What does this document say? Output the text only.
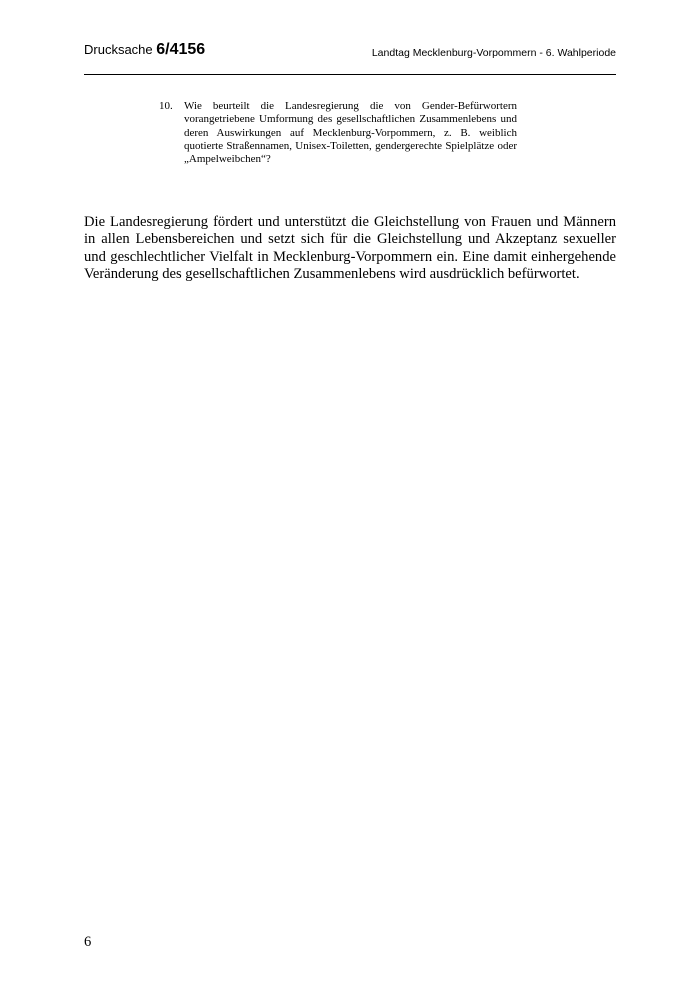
Drucksache 6/4156	Landtag Mecklenburg-Vorpommern - 6. Wahlperiode
10. Wie beurteilt die Landesregierung die von Gender-Befürwortern vorangetriebene Umformung des gesellschaftlichen Zusammenlebens und deren Auswirkungen auf Mecklenburg-Vorpommern, z. B. weiblich quotierte Straßennamen, Unisex-Toiletten, gendergerechte Spielplätze oder „Ampelweibchen“?
Die Landesregierung fördert und unterstützt die Gleichstellung von Frauen und Männern in allen Lebensbereichen und setzt sich für die Gleichstellung und Akzeptanz sexueller und geschlechtlicher Vielfalt in Mecklenburg-Vorpommern ein. Eine damit einhergehende Veränderung des gesellschaftlichen Zusammenlebens wird ausdrücklich befürwortet.
6
